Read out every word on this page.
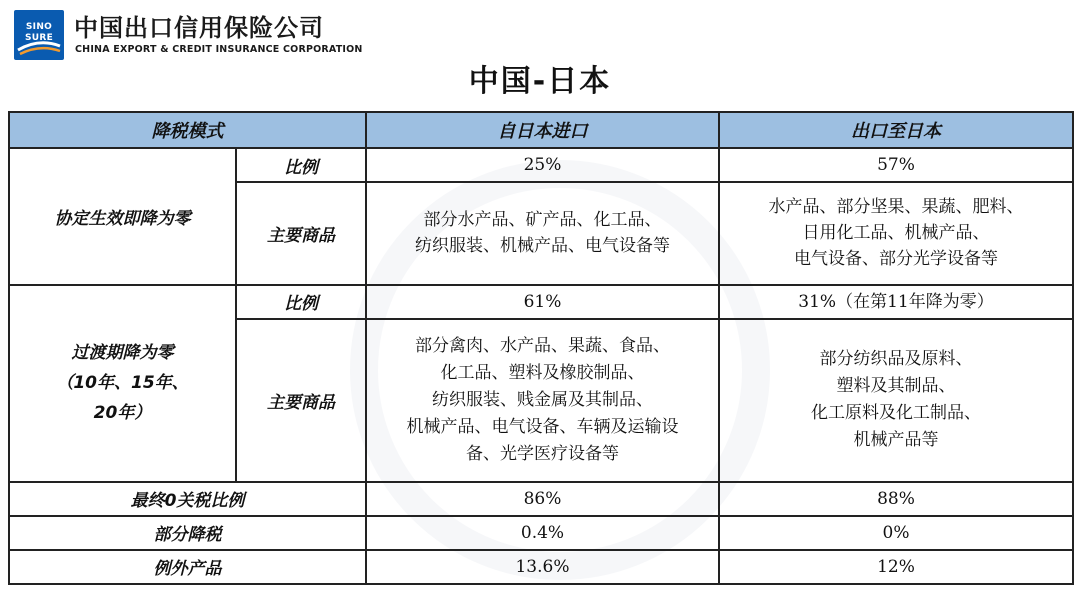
SINO
SURE 中国出口信用保险公司
CHINA EXPORT & CREDIT INSURANCE CORPORATION
中国-日本
降税模式		自日本进口	出口至日本
协定生效即降为零	比例	25%	57%
	主要商品	部分水产品、矿产品、化工品、
纺织服装、机械产品、电气设备等	水产品、部分坚果、果蔬、肥料、
日用化工品、机械产品、
电气设备、部分光学设备等

过渡期降为零
（10年、15年、
20年）	比例	61%	31%（在第11年降为零）
	主要商品	部分禽肉、水产品、果蔬、食品、
化工品、塑料及橡胶制品、
纺织服装、贱金属及其制品、
机械产品、电气设备、车辆及运输设
备、光学医疗设备等	部分纺织品及原料、
塑料及其制品、
化工原料及化工制品、
机械产品等

最终0关税比例		86%	88%
部分降税		0.4%	0%
例外产品		13.6%	12%
